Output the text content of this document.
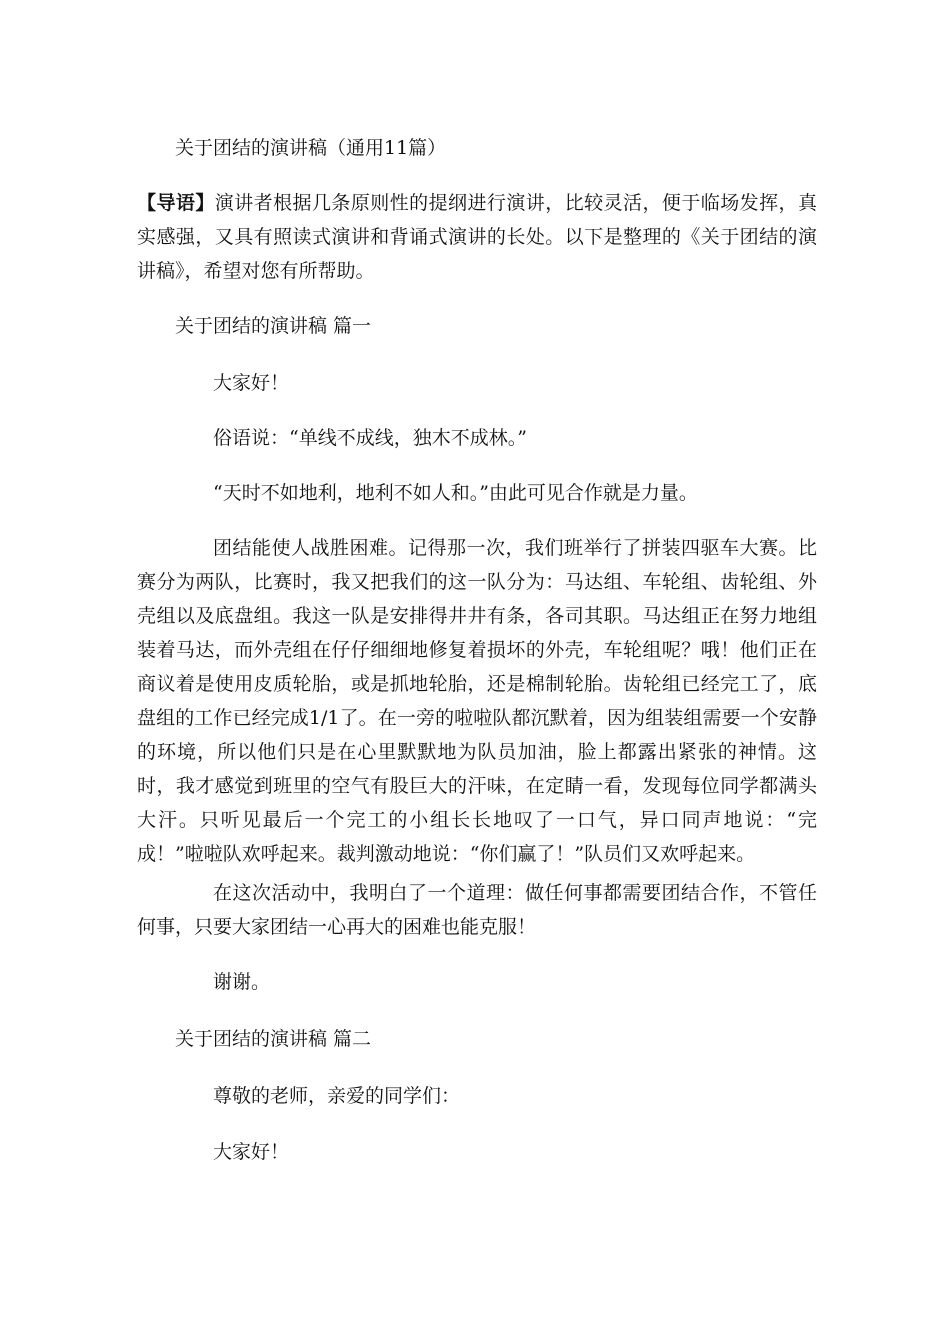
关于团结的演讲稿（通用11篇）
【导语】演讲者根据几条原则性的提纲进行演讲，比较灵活，便于临场发挥，真实感强，又具有照读式演讲和背诵式演讲的长处。以下是整理的《关于团结的演讲稿》，希望对您有所帮助。
关于团结的演讲稿 篇一
大家好！
俗语说：“单线不成线，独木不成林。”
“天时不如地利，地利不如人和。”由此可见合作就是力量。
团结能使人战胜困难。记得那一次，我们班举行了拼装四驱车大赛。比赛分为两队，比赛时，我又把我们的这一队分为：马达组、车轮组、齿轮组、外壳组以及底盘组。我这一队是安排得井井有条，各司其职。马达组正在努力地组装着马达，而外壳组在仔仔细细地修复着损坏的外壳，车轮组呢？哦！他们正在商议着是使用皮质轮胎，或是抓地轮胎，还是棉制轮胎。齿轮组已经完工了，底盘组的工作已经完成1/1了。在一旁的啦啦队都沉默着，因为组装组需要一个安静的环境，所以他们只是在心里默默地为队员加油，脸上都露出紧张的神情。这时，我才感觉到班里的空气有股巨大的汗味，在定睛一看，发现每位同学都满头大汗。只听见最后一个完工的小组长长地叹了一口气，异口同声地说：“完成！”啦啦队欢呼起来。裁判激动地说：“你们赢了！”队员们又欢呼起来。
在这次活动中，我明白了一个道理：做任何事都需要团结合作，不管任何事，只要大家团结一心再大的困难也能克服！
谢谢。
关于团结的演讲稿 篇二
尊敬的老师，亲爱的同学们：
大家好！
